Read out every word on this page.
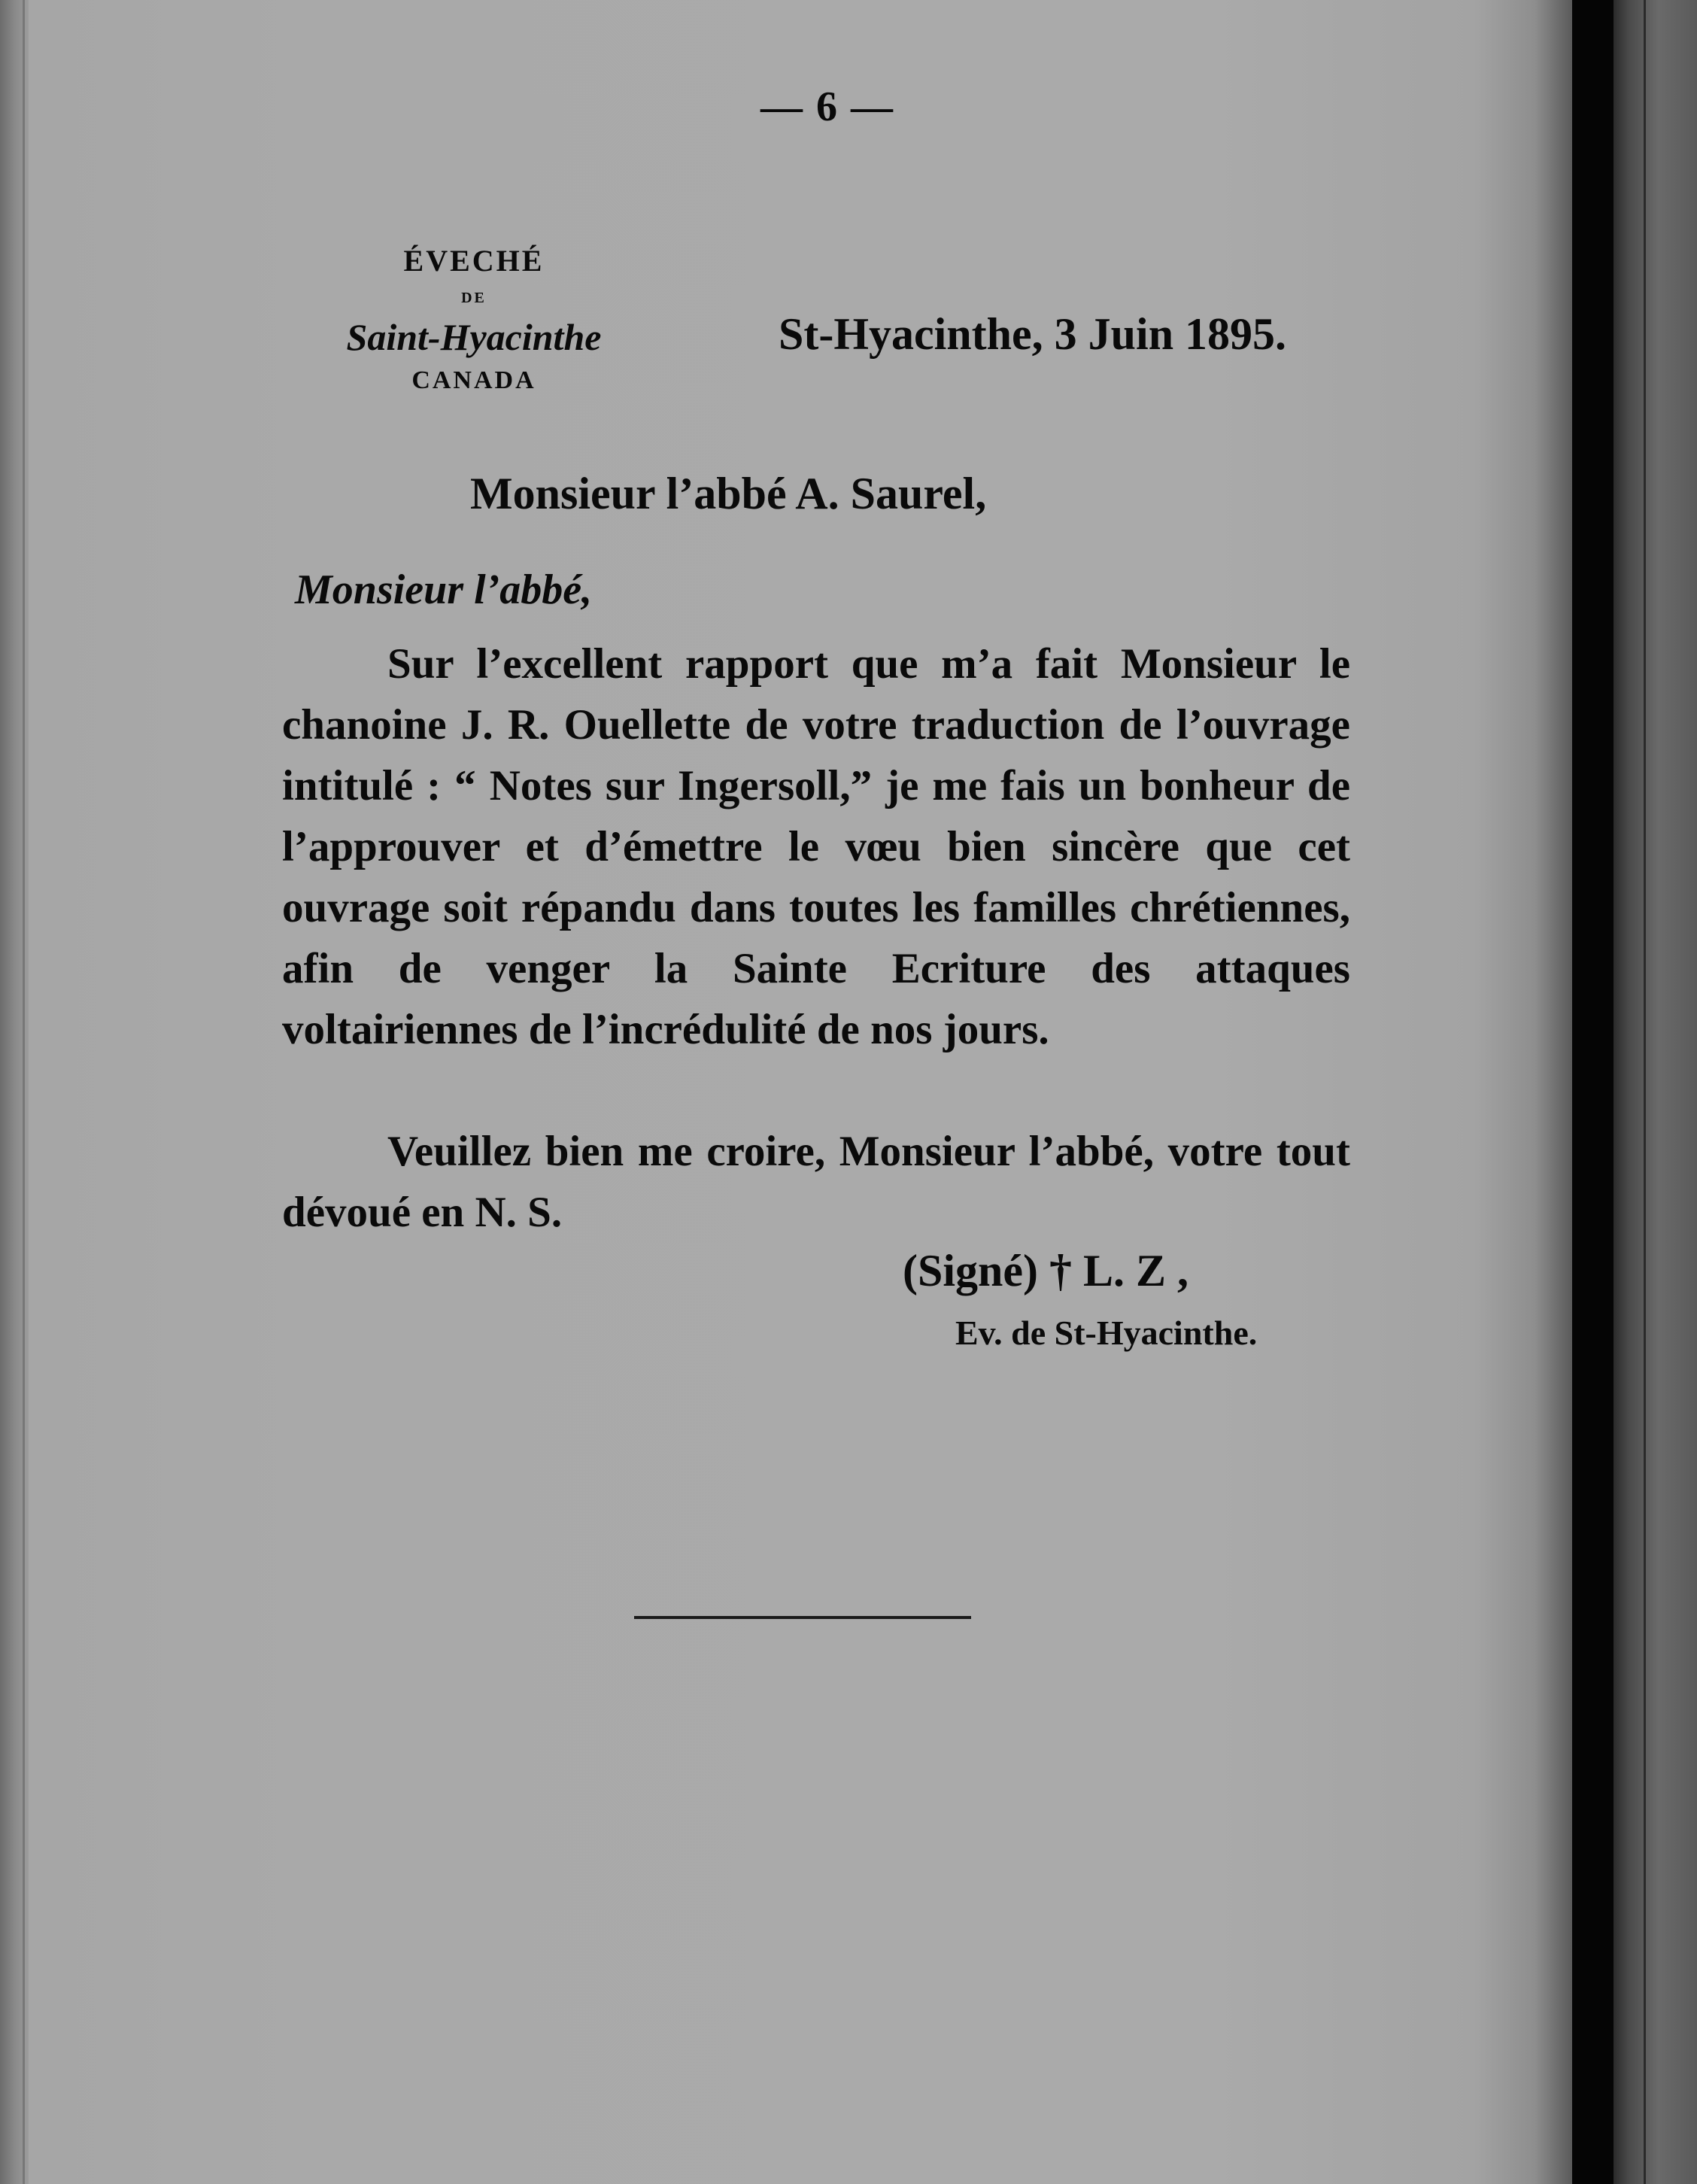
— 6 —
ÉVECHÉ
DE
Saint-Hyacinthe
CANADA
St-Hyacinthe, 3 Juin 1895.
Monsieur l’abbé A. Saurel,
Monsieur l’abbé,
Sur l’excellent rapport que m’a fait Monsieur le chanoine J. R. Ouellette de votre traduction de l’ouvrage intitulé : “ Notes sur Ingersoll,” je me fais un bonheur de l’approuver et d’émettre le vœu bien sincère que cet ouvrage soit répandu dans toutes les familles chrétiennes, afin de venger la Sainte Ecriture des attaques voltairiennes de l’incrédulité de nos jours.
Veuillez bien me croire, Monsieur l’abbé, votre tout dévoué en N. S.
(Signé) † L. Z ,
Ev. de St-Hyacinthe.
